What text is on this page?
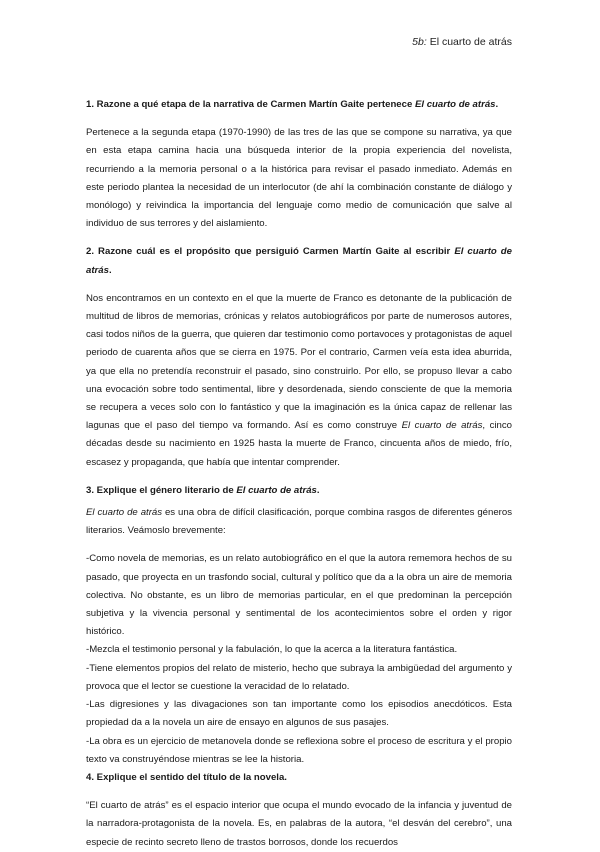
5b: El cuarto de atrás

1. Razone a qué etapa de la narrativa de Carmen Martín Gaite pertenece El cuarto de atrás.

Pertenece a la segunda etapa (1970-1990) de las tres de las que se compone su narrativa, ya que en esta etapa camina hacia una búsqueda interior de la propia experiencia del novelista, recurriendo a la memoria personal o a la histórica para revisar el pasado inmediato. Además en este periodo plantea la necesidad de un interlocutor (de ahí la combinación constante de diálogo y monólogo) y reivindica la importancia del lenguaje como medio de comunicación que salve al individuo de sus terrores y del aislamiento.

2. Razone cuál es el propósito que persiguió Carmen Martín Gaite al escribir El cuarto de atrás.

Nos encontramos en un contexto en el que la muerte de Franco es detonante de la publicación de multitud de libros de memorias, crónicas y relatos autobiográficos por parte de numerosos autores, casi todos niños de la guerra, que quieren dar testimonio como portavoces y protagonistas de aquel periodo de cuarenta años que se cierra en 1975. Por el contrario, Carmen veía esta idea aburrida, ya que ella no pretendía reconstruir el pasado, sino construirlo. Por ello, se propuso llevar a cabo una evocación sobre todo sentimental, libre y desordenada, siendo consciente de que la memoria se recupera a veces solo con lo fantástico y que la imaginación es la única capaz de rellenar las lagunas que el paso del tiempo va formando. Así es como construye El cuarto de atrás, cinco décadas desde su nacimiento en 1925 hasta la muerte de Franco, cincuenta años de miedo, frío, escasez y propaganda, que había que intentar comprender.

3. Explique el género literario de El cuarto de atrás.

El cuarto de atrás es una obra de difícil clasificación, porque combina rasgos de diferentes géneros literarios. Veámoslo brevemente:

-Como novela de memorias, es un relato autobiográfico en el que la autora rememora hechos de su pasado, que proyecta en un trasfondo social, cultural y político que da a la obra un aire de memoria colectiva. No obstante, es un libro de memorias particular, en el que predominan la percepción subjetiva y la vivencia personal y sentimental de los acontecimientos sobre el orden y rigor histórico.

-Mezcla el testimonio personal y la fabulación, lo que la acerca a la literatura fantástica.

-Tiene elementos propios del relato de misterio, hecho que subraya la ambigüedad del argumento y provoca que el lector se cuestione la veracidad de lo relatado.

-Las digresiones y las divagaciones son tan importante como los episodios anecdóticos. Esta propiedad da a la novela un aire de ensayo en algunos de sus pasajes.

-La obra es un ejercicio de metanovela donde se reflexiona sobre el proceso de escritura y el propio texto va construyéndose mientras se lee la historia.

4. Explique el sentido del título de la novela.

“El cuarto de atrás” es el espacio interior que ocupa el mundo evocado de la infancia y juventud de la narradora-protagonista de la novela. Es, en palabras de la autora, “el desván del cerebro”, una especie de recinto secreto lleno de trastos borrosos, donde los recuerdos
